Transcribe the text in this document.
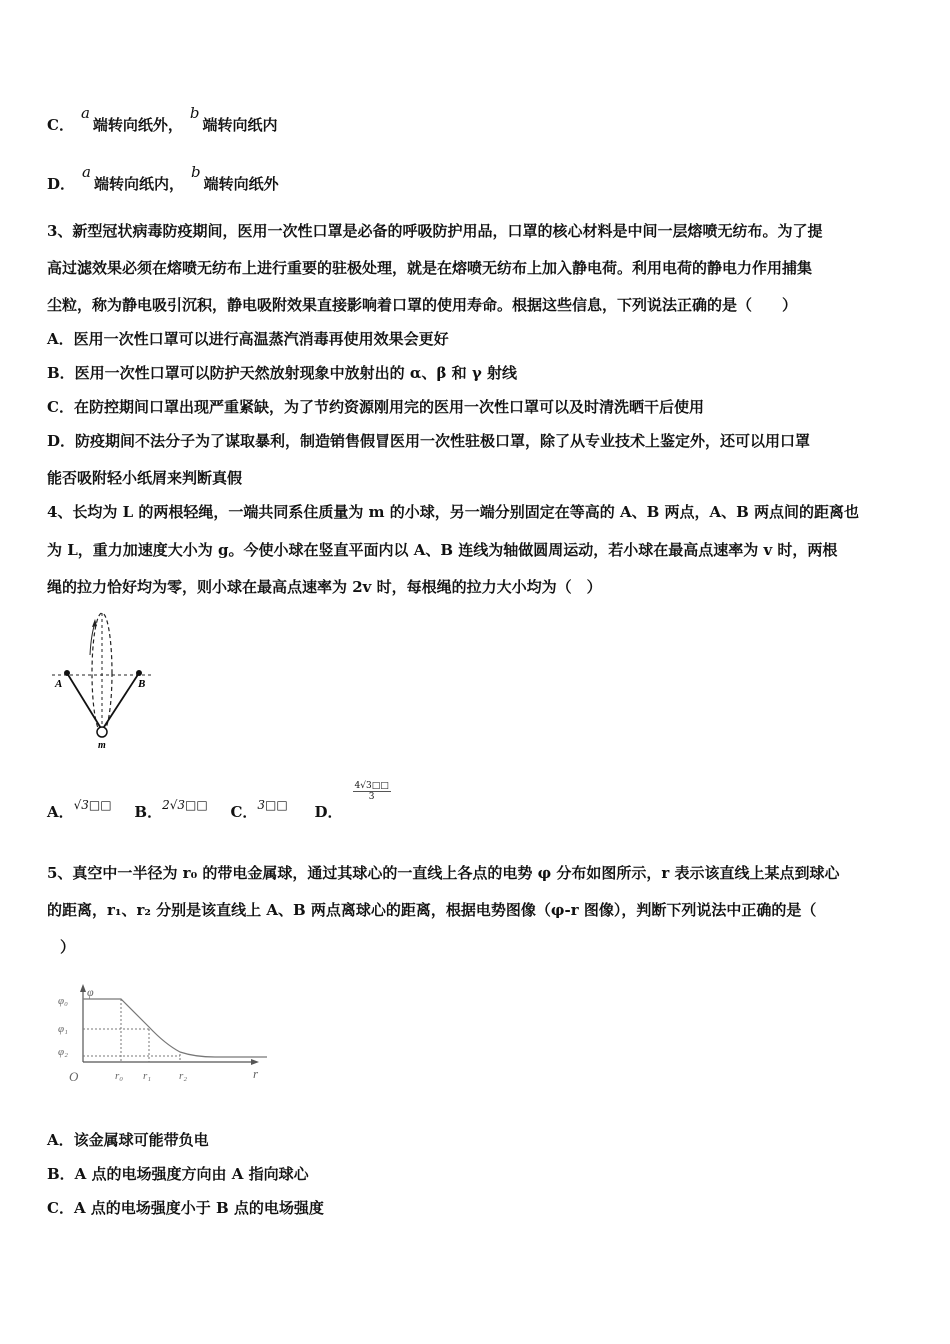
C．a端转向纸外，b端转向纸内
D．a端转向纸内，b端转向纸外
3、新型冠状病毒防疫期间，医用一次性口罩是必备的呼吸防护用品，口罩的核心材料是中间一层熔喷无纺布。为了提
高过滤效果必须在熔喷无纺布上进行重要的驻极处理，就是在熔喷无纺布上加入静电荷。利用电荷的静电力作用捕集
尘粒，称为静电吸引沉积，静电吸附效果直接影响着口罩的使用寿命。根据这些信息，下列说法正确的是（　　）
A．医用一次性口罩可以进行高温蒸汽消毒再使用效果会更好
B．医用一次性口罩可以防护天然放射现象中放射出的 α、β 和 γ 射线
C．在防控期间口罩出现严重紧缺，为了节约资源刚用完的医用一次性口罩可以及时清洗晒干后使用
D．防疫期间不法分子为了谋取暴利，制造销售假冒医用一次性驻极口罩，除了从专业技术上鉴定外，还可以用口罩
能否吸附轻小纸屑来判断真假
4、长均为 L 的两根轻绳，一端共同系住质量为 m 的小球，另一端分别固定在等高的 A、B 两点，A、B 两点间的距离也
为 L，重力加速度大小为 g。今使小球在竖直平面内以 A、B 连线为轴做圆周运动，若小球在最高点速率为 v 时，两根
绳的拉力恰好均为零，则小球在最高点速率为 2v 时，每根绳的拉力大小均为（　）
A	B
m
A．$^{√3□□}$ B．$^{2√3□□}$ C．$^{3□□}$ D．
$\frac{4√3□□}{3}$
5、真空中一半径为 r₀ 的带电金属球，通过其球心的一直线上各点的电势 φ 分布如图所示，r 表示该直线上某点到球心
的距离，r₁、r₂ 分别是该直线上 A、B 两点离球心的距离，根据电势图像（φ-r 图像），判断下列说法中正确的是（
）
φ
φ₀
φ₁
φ₂
O	r₀ r₁	r₂	r
A．该金属球可能带负电
B．A 点的电场强度方向由 A 指向球心
C．A 点的电场强度小于 B 点的电场强度
